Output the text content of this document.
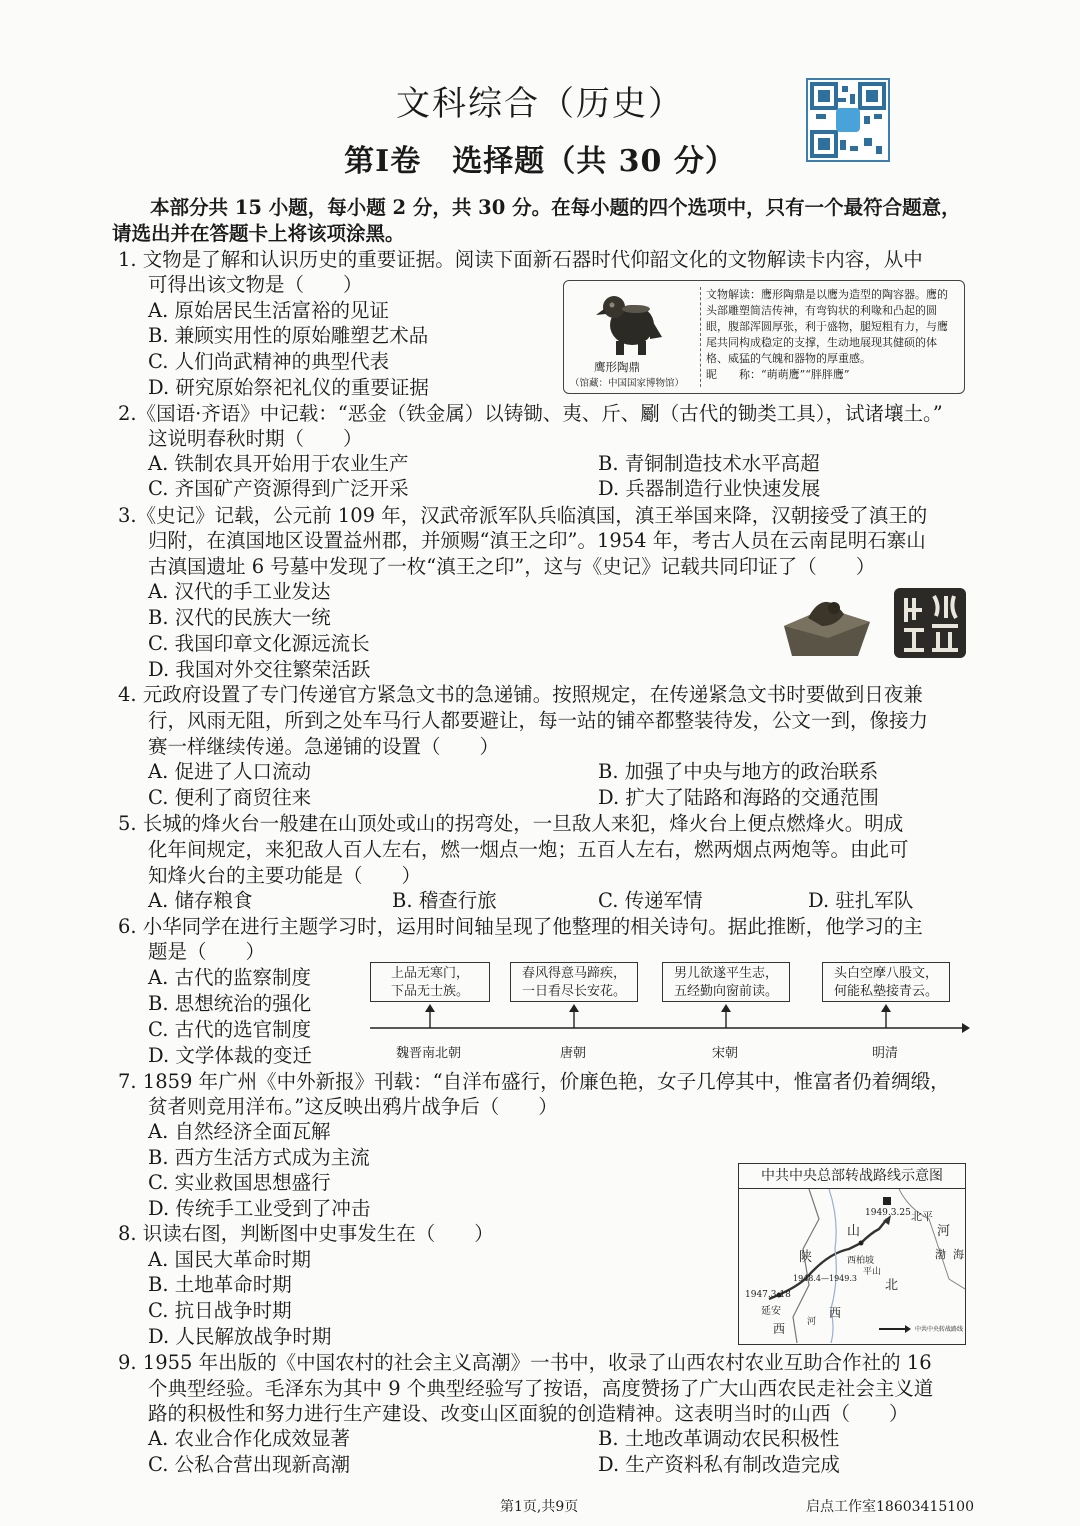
文科综合（历史）
第Ⅰ卷　选择题（共 30 分）
本部分共 15 小题，每小题 2 分，共 30 分。在每小题的四个选项中，只有一个最符合题意，
请选出并在答题卡上将该项涂黑。
1. 文物是了解和认识历史的重要证据。阅读下面新石器时代仰韶文化的文物解读卡内容，从中
可得出该文物是（　　）
A. 原始居民生活富裕的见证
B. 兼顾实用性的原始雕塑艺术品
C. 人们尚武精神的典型代表
D. 研究原始祭祀礼仪的重要证据
鹰形陶鼎
（馆藏：中国国家博物馆）
文物解读：鹰形陶鼎是以鹰为造型的陶容器。鹰的头部雕塑简洁传神，有弯钩状的利喙和凸起的圆眼，腹部浑圆厚张，利于盛物，腿短粗有力，与鹰尾共同构成稳定的支撑，生动地展现其健硕的体格、威猛的气魄和器物的厚重感。
昵　　称：“萌萌鹰”“胖胖鹰”
2.《国语·齐语》中记载：“恶金（铁金属）以铸锄、夷、斤、劚（古代的锄类工具），试诸壤土。”
这说明春秋时期（　　）
A. 铁制农具开始用于农业生产	B. 青铜制造技术水平高超
C. 齐国矿产资源得到广泛开采	D. 兵器制造行业快速发展
3.《史记》记载，公元前 109 年，汉武帝派军队兵临滇国，滇王举国来降，汉朝接受了滇王的
归附，在滇国地区设置益州郡，并颁赐“滇王之印”。1954 年，考古人员在云南昆明石寨山
古滇国遗址 6 号墓中发现了一枚“滇王之印”，这与《史记》记载共同印证了（　　）
A. 汉代的手工业发达
B. 汉代的民族大一统
C. 我国印章文化源远流长
D. 我国对外交往繁荣活跃
4. 元政府设置了专门传递官方紧急文书的急递铺。按照规定，在传递紧急文书时要做到日夜兼
行，风雨无阻，所到之处车马行人都要避让，每一站的铺卒都整装待发，公文一到，像接力
赛一样继续传递。急递铺的设置（　　）
A. 促进了人口流动	B. 加强了中央与地方的政治联系
C. 便利了商贸往来	D. 扩大了陆路和海路的交通范围
5. 长城的烽火台一般建在山顶处或山的拐弯处，一旦敌人来犯，烽火台上便点燃烽火。明成
化年间规定，来犯敌人百人左右，燃一烟点一炮；五百人左右，燃两烟点两炮等。由此可
知烽火台的主要功能是（　　）
A. 储存粮食	B. 稽查行旅	C. 传递军情	D. 驻扎军队
6. 小华同学在进行主题学习时，运用时间轴呈现了他整理的相关诗句。据此推断，他学习的主
题是（　　）
A. 古代的监察制度
B. 思想统治的强化
C. 古代的选官制度
D. 文学体裁的变迁
上品无寒门，
下品无士族。
春风得意马蹄疾，
一日看尽长安花。
男儿欲遂平生志，
五经勤向窗前读。
头白空摩八股文，
何能私塾接青云。
魏晋南北朝	唐朝	宋朝	明清
7. 1859 年广州《中外新报》刊载：“自洋布盛行，价廉色艳，女子几停其中，惟富者仍着绸缎，
贫者则竞用洋布。”这反映出鸦片战争后（　　）
A. 自然经济全面瓦解
B. 西方生活方式成为主流
C. 实业救国思想盛行
D. 传统手工业受到了冲击
8. 识读右图，判断图中史事发生在（　　）
A. 国民大革命时期
B. 土地革命时期
C. 抗日战争时期
D. 人民解放战争时期
中共中央总部转战路线示意图
1949.3.25 北平
河
山
渤 海
西柏坡
平山
1948.4—1949.3
陕
北
1947.3.18
延安	西
河
西	中共中央转战路线
9. 1955 年出版的《中国农村的社会主义高潮》一书中，收录了山西农村农业互助合作社的 16
个典型经验。毛泽东为其中 9 个典型经验写了按语，高度赞扬了广大山西农民走社会主义道
路的积极性和努力进行生产建设、改变山区面貌的创造精神。这表明当时的山西（　　）
A. 农业合作化成效显著	B. 土地改革调动农民积极性
C. 公私合营出现新高潮	D. 生产资料私有制改造完成
第1页,共9页	启点工作室18603415100
